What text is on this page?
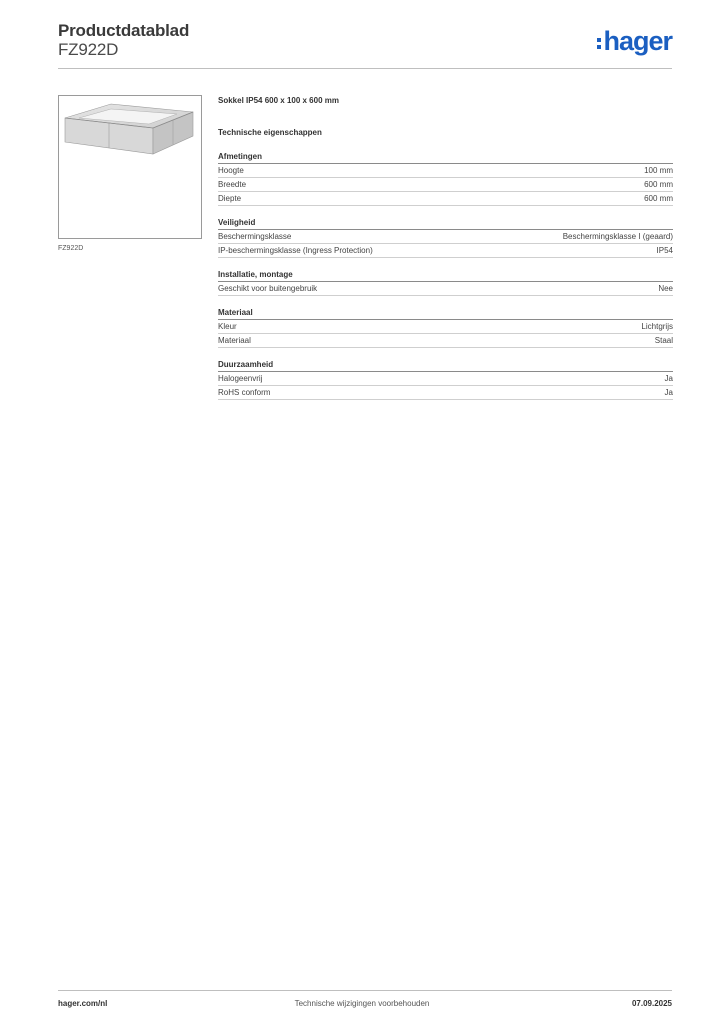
Productdatablad
FZ922D	hager
FZ922D
Sokkel IP54 600 x 100 x 600 mm
Technische eigenschappen
Afmetingen
Hoogte	100 mm
Breedte	600 mm
Diepte	600 mm
Veiligheid
Beschermingsklasse	Beschermingsklasse I (geaard)
IP-beschermingsklasse (Ingress Protection)	IP54
Installatie, montage
Geschikt voor buitengebruik	Nee
Materiaal
Kleur	Lichtgrijs
Materiaal	Staal
Duurzaamheid
Halogeenvrij	Ja
RoHS conform	Ja
hager.com/nl	Technische wijzigingen voorbehouden	07.09.2025
